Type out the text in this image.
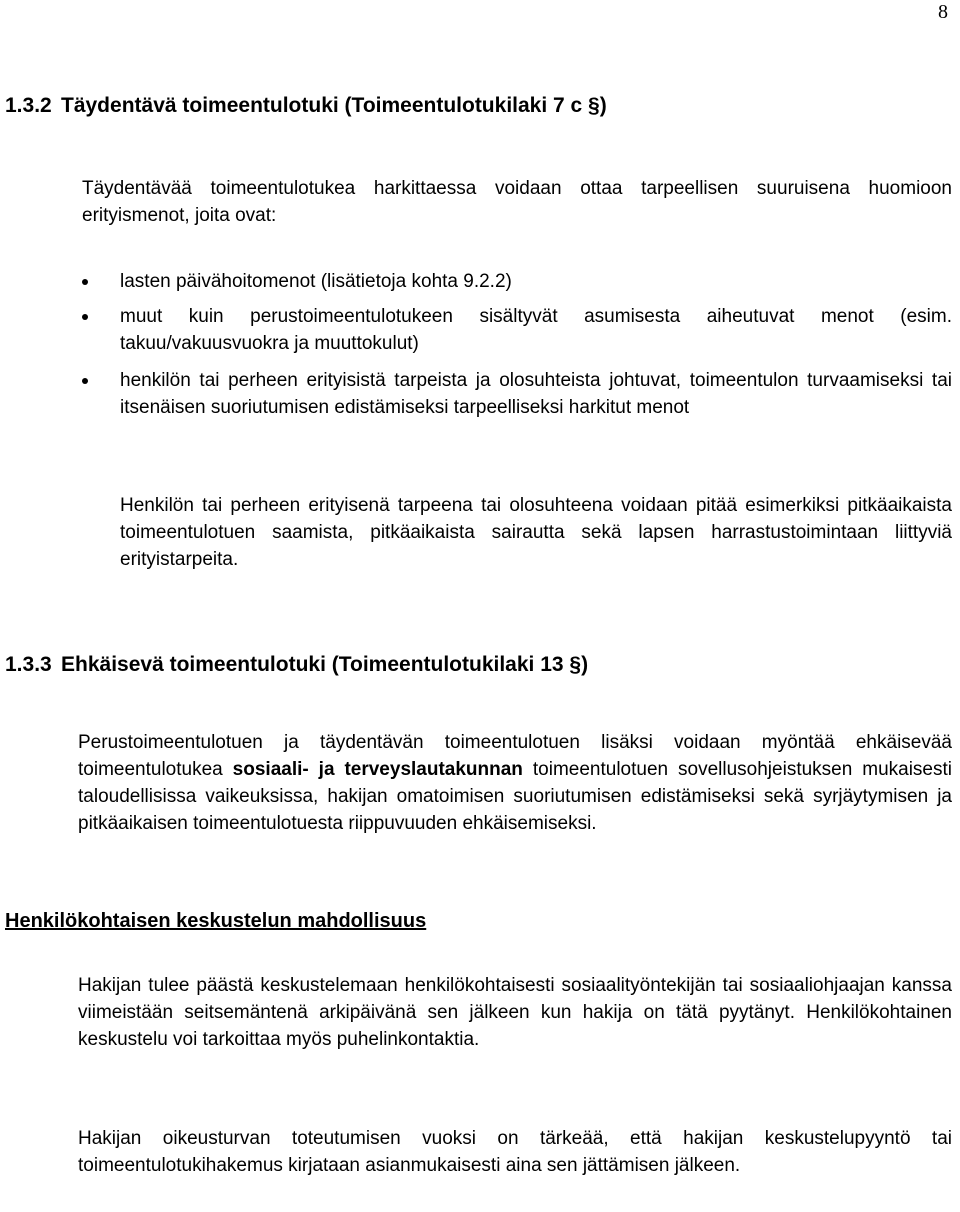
8
1.3.2 Täydentävä toimeentulotuki (Toimeentulotukilaki 7 c §)

Täydentävää toimeentulotukea harkittaessa voidaan ottaa tarpeellisen suuruisena huomioon erityismenot, joita ovat:

lasten päivähoitomenot (lisätietoja kohta 9.2.2)
muut kuin perustoimeentulotukeen sisältyvät asumisesta aiheutuvat menot (esim. takuu/vakuusvuokra ja muuttokulut)
henkilön tai perheen erityisistä tarpeista ja olosuhteista johtuvat, toimeentulon turvaamiseksi tai itsenäisen suoriutumisen edistämiseksi tarpeelliseksi harkitut menot

Henkilön tai perheen erityisenä tarpeena tai olosuhteena voidaan pitää esimerkiksi pitkäaikaista toimeentulotuen saamista, pitkäaikaista sairautta sekä lapsen harrastustoimintaan liittyviä erityistarpeita.

1.3.3 Ehkäisevä toimeentulotuki (Toimeentulotukilaki 13 §)

Perustoimeentulotuen ja täydentävän toimeentulotuen lisäksi voidaan myöntää ehkäisevää toimeentulotukea sosiaali- ja terveyslautakunnan toimeentulotuen sovellusohjeistuksen mukaisesti taloudellisissa vaikeuksissa, hakijan omatoimisen suoriutumisen edistämiseksi sekä syrjäytymisen ja pitkäaikaisen toimeentulotuesta riippuvuuden ehkäisemiseksi.

Henkilökohtaisen keskustelun mahdollisuus

Hakijan tulee päästä keskustelemaan henkilökohtaisesti sosiaalityöntekijän tai sosiaaliohjaajan kanssa viimeistään seitsemäntenä arkipäivänä sen jälkeen kun hakija on tätä pyytänyt. Henkilökohtainen keskustelu voi tarkoittaa myös puhelinkontaktia.

Hakijan oikeusturvan toteutumisen vuoksi on tärkeää, että hakijan keskustelupyyntö tai toimeentulotukihakemus kirjataan asianmukaisesti aina sen jättämisen jälkeen.
